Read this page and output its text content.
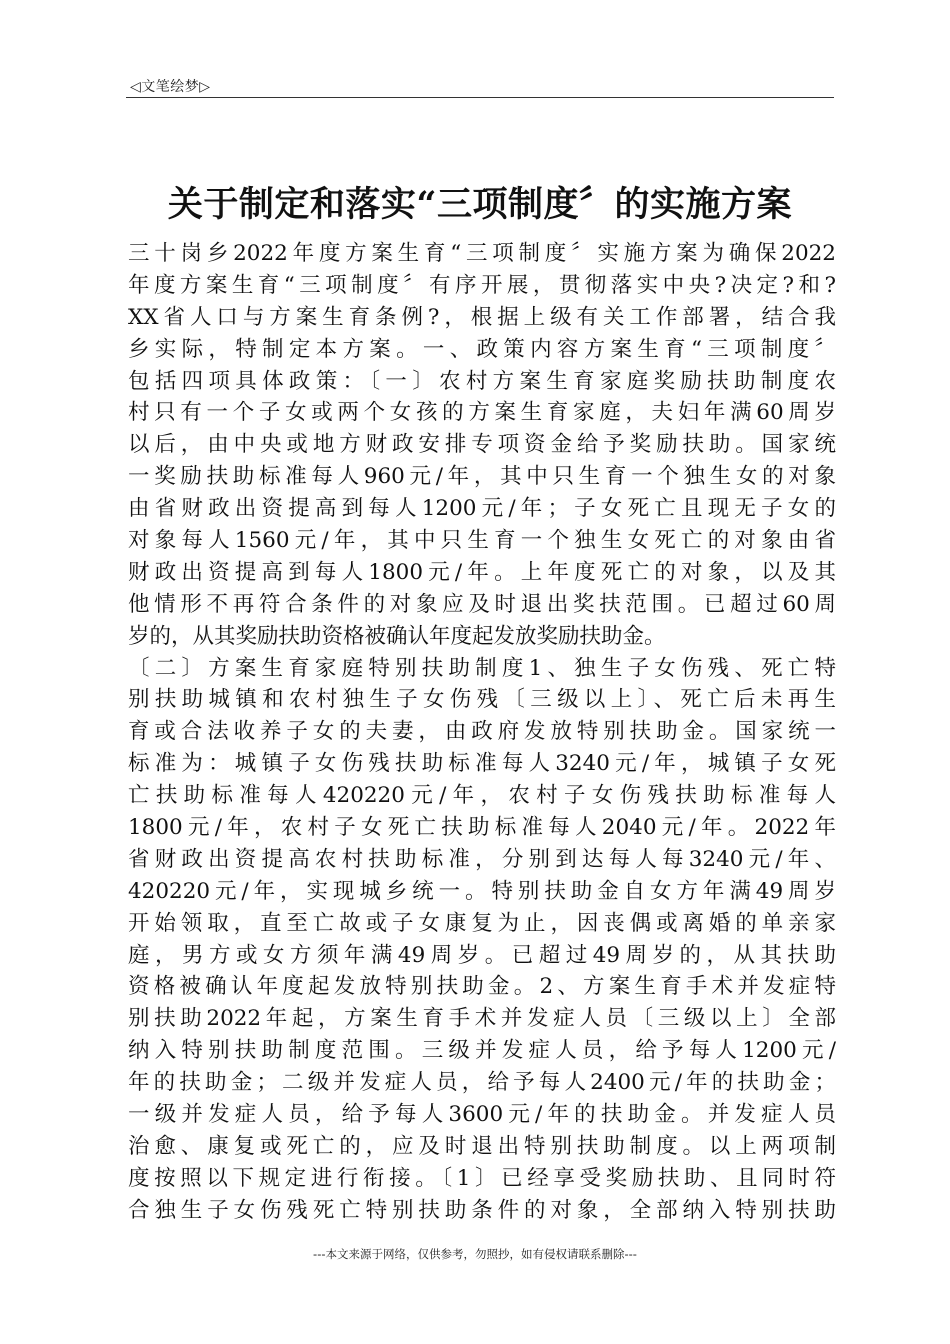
◁文笔绘梦▷
关于制定和落实“三项制度〞的实施方案
三十岗乡2022年度方案生育“三项制度〞实施方案为确保2022
年度方案生育“三项制度〞有序开展，贯彻落实中央?决定?和?
XX省人口与方案生育条例?，根据上级有关工作部署，结合我
乡实际，特制定本方案。一、政策内容方案生育“三项制度〞
包括四项具体政策：〔一〕农村方案生育家庭奖励扶助制度农
村只有一个子女或两个女孩的方案生育家庭，夫妇年满60周岁
以后，由中央或地方财政安排专项资金给予奖励扶助。国家统
一奖励扶助标准每人960元/年，其中只生育一个独生女的对象
由省财政出资提高到每人1200元/年；子女死亡且现无子女的
对象每人1560元/年，其中只生育一个独生女死亡的对象由省
财政出资提高到每人1800元/年。上年度死亡的对象，以及其
他情形不再符合条件的对象应及时退出奖扶范围。已超过60周
岁的，从其奖励扶助资格被确认年度起发放奖励扶助金。
〔二〕方案生育家庭特别扶助制度1、独生子女伤残、死亡特
别扶助城镇和农村独生子女伤残〔三级以上〕、死亡后未再生
育或合法收养子女的夫妻，由政府发放特别扶助金。国家统一
标准为：城镇子女伤残扶助标准每人3240元/年，城镇子女死
亡扶助标准每人420220元/年，农村子女伤残扶助标准每人
1800元/年，农村子女死亡扶助标准每人2040元/年。2022年
省财政出资提高农村扶助标准，分别到达每人每3240元/年、
420220元/年，实现城乡统一。特别扶助金自女方年满49周岁
开始领取，直至亡故或子女康复为止，因丧偶或离婚的单亲家
庭，男方或女方须年满49周岁。已超过49周岁的，从其扶助
资格被确认年度起发放特别扶助金。2、方案生育手术并发症特
别扶助2022年起，方案生育手术并发症人员〔三级以上〕全部
纳入特别扶助制度范围。三级并发症人员，给予每人1200元/
年的扶助金；二级并发症人员，给予每人2400元/年的扶助金；
一级并发症人员，给予每人3600元/年的扶助金。并发症人员
治愈、康复或死亡的，应及时退出特别扶助制度。以上两项制
度按照以下规定进行衔接。〔1〕已经享受奖励扶助、且同时符
合独生子女伤残死亡特别扶助条件的对象，全部纳入特别扶助
---本文来源于网络，仅供参考，勿照抄，如有侵权请联系删除---
